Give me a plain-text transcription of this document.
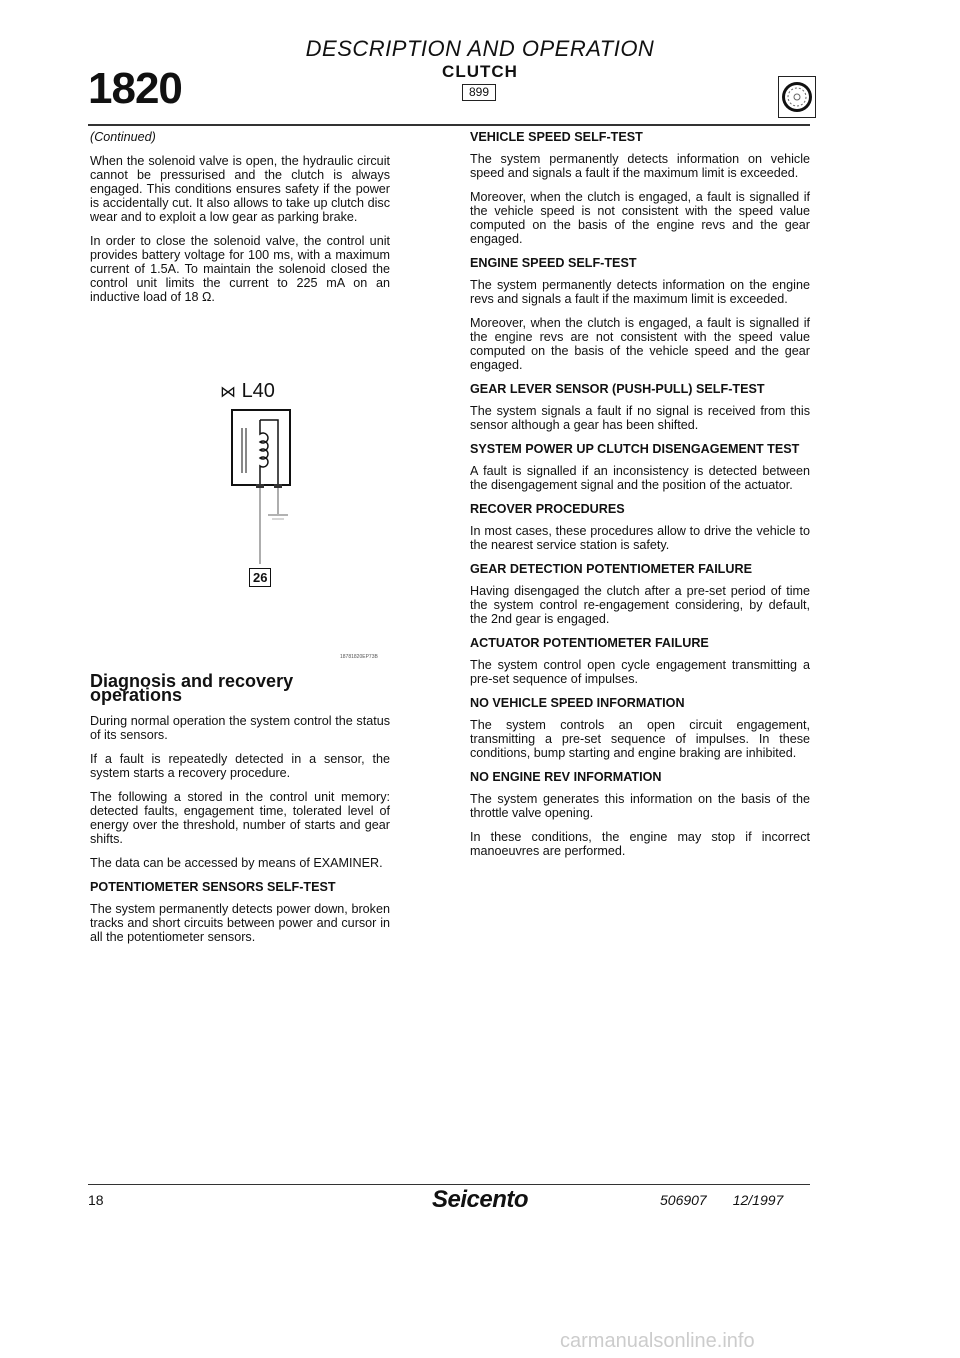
DESCRIPTION AND OPERATION
CLUTCH
899
1820

(Continued)

When the solenoid valve is open, the hydraulic circuit cannot be pressurised and the clutch is always engaged. This conditions ensures safety if the power is accidentally cut. It also allows to take up clutch disc wear and to exploit a low gear as parking brake.

In order to close the solenoid valve, the control unit provides battery voltage for 100 ms, with a maximum current of 1.5A. To maintain the solenoid closed the control unit limits the current to 225 mA on an inductive load of 18 Ω.

⋈ L40
26
18781820EP73B
Diagnosis and recovery operations

During normal operation the system control the status of its sensors.

If a fault is repeatedly detected in a sensor, the system starts a recovery procedure.

The following a stored in the control unit memory: detected faults, engagement time, tolerated level of energy over the threshold, number of starts and gear shifts.

The data can be accessed by means of EXAMINER.

POTENTIOMETER SENSORS SELF-TEST

The system permanently detects power down, broken tracks and short circuits between power and cursor in all the potentiometer sensors.

VEHICLE SPEED SELF-TEST

The system permanently detects information on vehicle speed and signals a fault if the maximum limit is exceeded.

Moreover, when the clutch is engaged, a fault is signalled if the vehicle speed is not consistent with the speed value computed on the basis of the engine revs and the gear engaged.

ENGINE SPEED SELF-TEST

The system permanently detects information on the engine revs and signals a fault if the maximum limit is exceeded.

Moreover, when the clutch is engaged, a fault is signalled if the engine revs are not consistent with the speed value computed on the basis of the vehicle speed and the gear engaged.

GEAR LEVER SENSOR (PUSH-PULL) SELF-TEST

The system signals a fault if no signal is received from this sensor although a gear has been shifted.

SYSTEM POWER UP CLUTCH DISENGAGEMENT TEST

A fault is signalled if an inconsistency is detected between the disengagement signal and the position of the actuator.

RECOVER PROCEDURES

In most cases, these procedures allow to drive the vehicle to the nearest service station is safety.

GEAR DETECTION POTENTIOMETER FAILURE

Having disengaged the clutch after a pre-set period of time the system control re-engagement considering, by default, the 2nd gear is engaged.

ACTUATOR POTENTIOMETER FAILURE

The system control open cycle engagement transmitting a pre-set sequence of impulses.

NO VEHICLE SPEED INFORMATION

The system controls an open circuit engagement, transmitting a pre-set sequence of impulses. In these conditions, bump starting and engine braking are inhibited.

NO ENGINE REV INFORMATION

The system generates this information on the basis of the throttle valve opening.

In these conditions, the engine may stop if incorrect manoeuvres are performed.

18	Seicento	506907 12/1997
carmanualsonline.info
